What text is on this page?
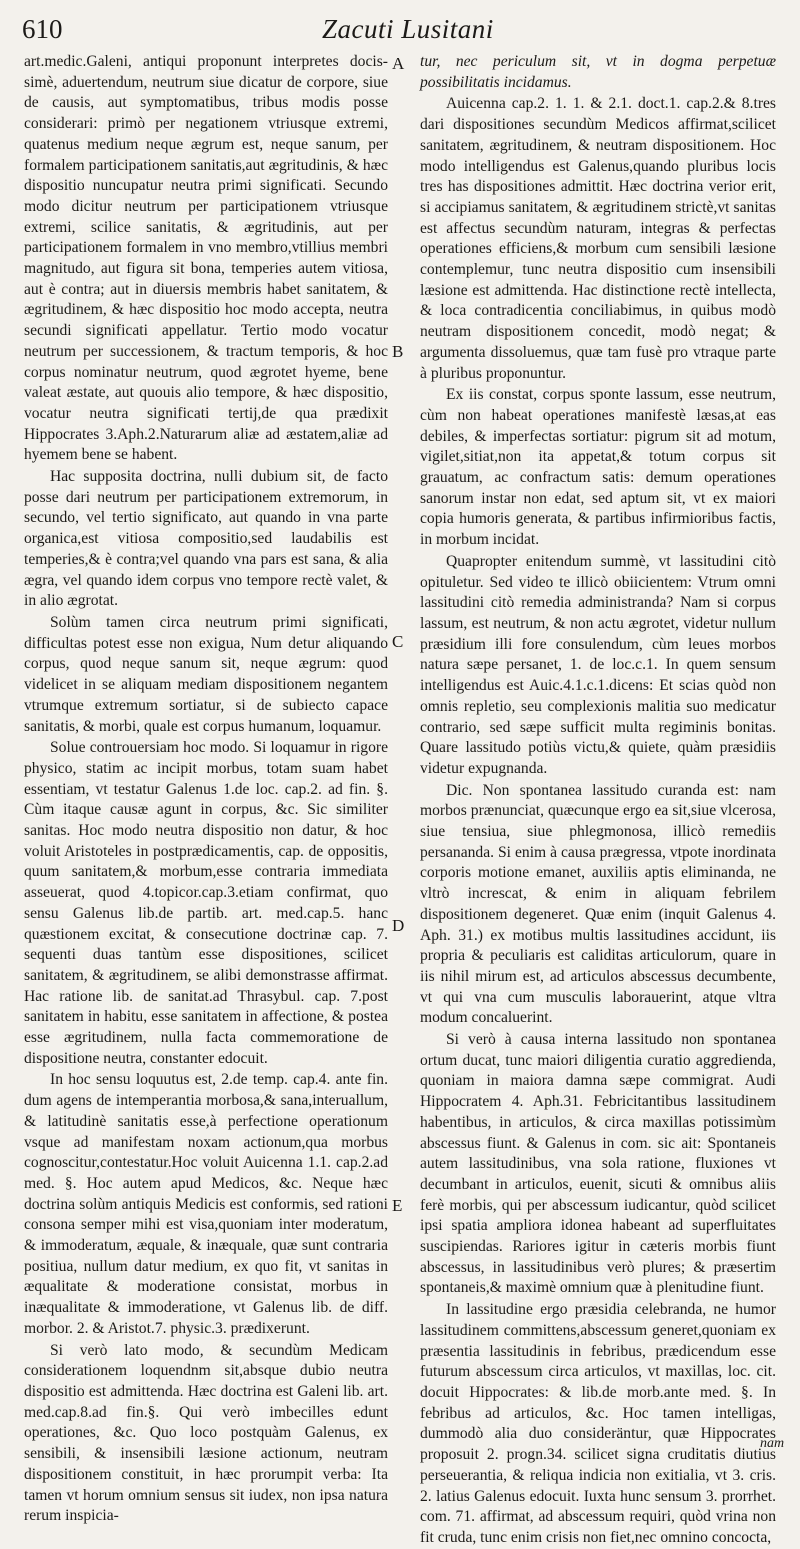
610	Zacuti Lusitani

art.medic.Galeni, antiqui proponunt interpretes docis- simè, aduertendum, neutrum siue dicatur de corpore, siue de causis, aut symptomatibus, tribus modis posse considerari: primò per negationem vtriusque extremi, quatenus medium neque ægrum est, neque sanum, per formalem participationem sanitatis,aut ægritudinis, & hæc dispositio nuncupatur neutra primi significati. Secundo modo dicitur neutrum per participationem vtriusque extremi, scilice sanitatis, & ægritudinis, aut per participationem formalem in vno membro,vtillius membri magnitudo, aut figura sit bona, temperies autem vitiosa, aut è contra; aut in diuersis membris habet sanitatem, & ægritudinem, & hæc dispositio hoc modo accepta, neutra secundi significati appellatur. Tertio modo vocatur neutrum per successionem, & tractum temporis, & hoc corpus nominatur neutrum, quod ægrotet hyeme, bene valeat æstate, aut quouis alio tempore, & hæc dispositio, vocatur neutra significati tertij,de qua prædixit Hippocrates 3.Aph.2.Naturarum aliæ ad æstatem,aliæ ad hyemem bene se habent.

Hac supposita doctrina, nulli dubium sit, de facto posse dari neutrum per participationem extremorum, in secundo, vel tertio significato, aut quando in vna parte organica,est vitiosa compositio,sed laudabilis est temperies,& è contra;vel quando vna pars est sana, & alia ægra, vel quando idem corpus vno tempore rectè valet, & in alio ægrotat.

Solùm tamen circa neutrum primi significati, difficultas potest esse non exigua, Num detur aliquando corpus, quod neque sanum sit, neque ægrum: quod videlicet in se aliquam mediam dispositionem negantem vtrumque extremum sortiatur, si de subiecto capace sanitatis, & morbi, quale est corpus humanum, loquamur.

Solue controuersiam hoc modo. Si loquamur in rigore physico, statim ac incipit morbus, totam suam habet essentiam, vt testatur Galenus 1.de loc. cap.2. ad fin. §. Cùm itaque causæ agunt in corpus, &c. Sic similiter sanitas. Hoc modo neutra dispositio non datur, & hoc voluit Aristoteles in postprædicamentis, cap. de oppositis, quum sanitatem,& morbum,esse contraria immediata asseuerat, quod 4.topicor.cap.3.etiam confirmat, quo sensu Galenus lib.de partib. art. med.cap.5. hanc quæstionem excitat, & consecutione doctrinæ cap. 7. sequenti duas tantùm esse dispositiones, scilicet sanitatem, & ægritudinem, se alibi demonstrasse affirmat. Hac ratione lib. de sanitat.ad Thrasybul. cap. 7.post sanitatem in habitu, esse sanitatem in affectione, & postea esse ægritudinem, nulla facta commemoratione de dispositione neutra, constanter edocuit.

In hoc sensu loquutus est, 2.de temp. cap.4. ante fin. dum agens de intemperantia morbosa,& sana,interuallum, & latitudinè sanitatis esse,à perfectione operationum vsque ad manifestam noxam actionum,qua morbus cognoscitur,contestatur.Hoc voluit Auicenna 1.1. cap.2.ad med. §. Hoc autem apud Medicos, &c. Neque hæc doctrina solùm antiquis Medicis est conformis, sed rationi consona semper mihi est visa,quoniam inter moderatum, & immoderatum, æquale, & inæquale, quæ sunt contraria positiua, nullum datur medium, ex quo fit, vt sanitas in æqualitate & moderatione consistat, morbus in inæqualitate & immoderatione, vt Galenus lib. de diff. morbor. 2. & Aristot.7. physic.3. prædixerunt.

Si verò lato modo, & secundùm Medicam considerationem loquendnm sit,absque dubio neutra dispositio est admittenda. Hæc doctrina est Galeni lib. art. med.cap.8.ad fin.§. Qui verò imbecilles edunt operationes, &c. Quo loco postquàm Galenus, ex sensibili, & insensibili læsione actionum, neutram dispositionem constituit, in hæc prorumpit verba: Ita tamen vt horum omnium sensus sit iudex, non ipsa natura rerum inspicia-

A
B
C
D
E

tur, nec periculum sit, vt in dogma perpetuæ possibilitatis incidamus.

Auicenna cap.2. 1. 1. & 2.1. doct.1. cap.2.& 8.tres dari dispositiones secundùm Medicos affirmat,scilicet sanitatem, ægritudinem, & neutram dispositionem. Hoc modo intelligendus est Galenus,quando pluribus locis tres has dispositiones admittit. Hæc doctrina verior erit, si accipiamus sanitatem, & ægritudinem strictè,vt sanitas est affectus secundùm naturam, integras & perfectas operationes efficiens,& morbum cum sensibili læsione contemplemur, tunc neutra dispositio cum insensibili læsione est admittenda. Hac distinctione rectè intellecta, & loca contradicentia conciliabimus, in quibus modò neutram dispositionem concedit, modò negat; & argumenta dissoluemus, quæ tam fusè pro vtraque parte à pluribus proponuntur.

Ex iis constat, corpus sponte lassum, esse neutrum, cùm non habeat operationes manifestè læsas,at eas debiles, & imperfectas sortiatur: pigrum sit ad motum, vigilet,sitiat,non ita appetat,& totum corpus sit grauatum, ac confractum satis: demum operationes sanorum instar non edat, sed aptum sit, vt ex maiori copia humoris generata, & partibus infirmioribus factis, in morbum incidat.

Quapropter enitendum summè, vt lassitudini citò opituletur. Sed video te illicò obiicientem: Vtrum omni lassitudini citò remedia administranda? Nam si corpus lassum, est neutrum, & non actu ægrotet, videtur nullum præsidium illi fore consulendum, cùm leues morbos natura sæpe persanet, 1. de loc.c.1. In quem sensum intelligendus est Auic.4.1.c.1.dicens: Et scias quòd non omnis repletio, seu complexionis malitia suo medicatur contrario, sed sæpe sufficit multa regiminis bonitas. Quare lassitudo potiùs victu,& quiete, quàm præsidiis videtur expugnanda.

Dic. Non spontanea lassitudo curanda est: nam morbos prænunciat, quæcunque ergo ea sit,siue vlcerosa, siue tensiua, siue phlegmonosa, illicò remediis persananda. Si enim à causa prægressa, vtpote inordinata corporis motione emanet, auxiliis aptis eliminanda, ne vltrò increscat, & enim in aliquam febrilem dispositionem degeneret. Quæ enim (inquit Galenus 4. Aph. 31.) ex motibus multis lassitudines accidunt, iis propria & peculiaris est caliditas articulorum, quare in iis nihil mirum est, ad articulos abscessus decumbente, vt qui vna cum musculis laborauerint, atque vltra modum concaluerint.

Si verò à causa interna lassitudo non spontanea ortum ducat, tunc maiori diligentia curatio aggredienda, quoniam in maiora damna sæpe commigrat. Audi Hippocratem 4. Aph.31. Febricitantibus lassitudinem habentibus, in articulos, & circa maxillas potissimùm abscessus fiunt. & Galenus in com. sic ait: Spontaneis autem lassitudinibus, vna sola ratione, fluxiones vt decumbant in articulos, euenit, sicuti & omnibus aliis ferè morbis, qui per abscessum iudicantur, quòd scilicet ipsi spatia ampliora idonea habeant ad superfluitates suscipiendas. Rariores igitur in cæteris morbis fiunt abscessus, in lassitudinibus verò plures; & præsertim spontaneis,& maximè omnium quæ à plenitudine fiunt.

In lassitudine ergo præsidia celebranda, ne humor lassitudinem committens,abscessum generet,quoniam ex præsentia lassitudinis in febribus, prædicendum esse futurum abscessum circa articulos, vt maxillas, loc. cit. docuit Hippocrates: & lib.de morb.ante med. §. In febribus ad articulos, &c. Hoc tamen intelligas, dummodò alia duo consideräntur, quæ Hippocrates proposuit 2. progn.34. scilicet signa cruditatis diutius perseuerantia, & reliqua indicia non exitialia, vt 3. cris. 2. latius Galenus edocuit. Iuxta hunc sensum 3. prorrhet. com. 71. affirmat, ad abscessum requiri, quòd vrina non fit cruda, tunc enim crisis non fiet,nec omnino concocta,

nam
